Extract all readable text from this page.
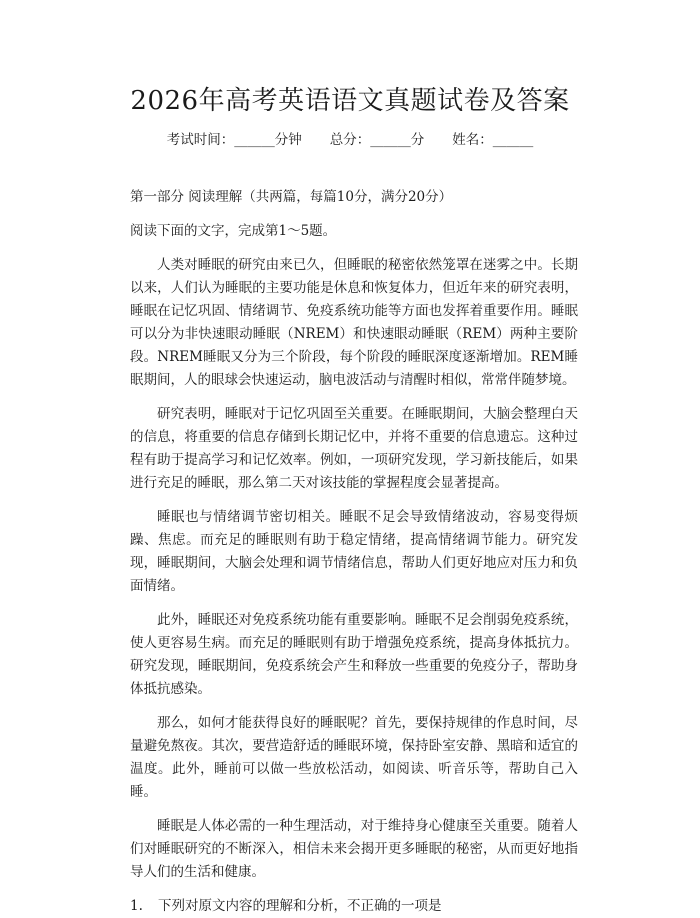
2026年高考英语语文真题试卷及答案
考试时间：______分钟 总分：______分 姓名：______

第一部分 阅读理解（共两篇，每篇10分，满分20分）

阅读下面的文字，完成第1～5题。

人类对睡眠的研究由来已久，但睡眠的秘密依然笼罩在迷雾之中。长期以来，人们认为睡眠的主要功能是休息和恢复体力，但近年来的研究表明，睡眠在记忆巩固、情绪调节、免疫系统功能等方面也发挥着重要作用。睡眠可以分为非快速眼动睡眠（NREM）和快速眼动睡眠（REM）两种主要阶段。NREM睡眠又分为三个阶段，每个阶段的睡眠深度逐渐增加。REM睡眠期间，人的眼球会快速运动，脑电波活动与清醒时相似，常常伴随梦境。

研究表明，睡眠对于记忆巩固至关重要。在睡眠期间，大脑会整理白天的信息，将重要的信息存储到长期记忆中，并将不重要的信息遗忘。这种过程有助于提高学习和记忆效率。例如，一项研究发现，学习新技能后，如果进行充足的睡眠，那么第二天对该技能的掌握程度会显著提高。

睡眠也与情绪调节密切相关。睡眠不足会导致情绪波动，容易变得烦躁、焦虑。而充足的睡眠则有助于稳定情绪，提高情绪调节能力。研究发现，睡眠期间，大脑会处理和调节情绪信息，帮助人们更好地应对压力和负面情绪。

此外，睡眠还对免疫系统功能有重要影响。睡眠不足会削弱免疫系统，使人更容易生病。而充足的睡眠则有助于增强免疫系统，提高身体抵抗力。研究发现，睡眠期间，免疫系统会产生和释放一些重要的免疫分子，帮助身体抵抗感染。

那么，如何才能获得良好的睡眠呢？首先，要保持规律的作息时间，尽量避免熬夜。其次，要营造舒适的睡眠环境，保持卧室安静、黑暗和适宜的温度。此外，睡前可以做一些放松活动，如阅读、听音乐等，帮助自己入睡。

睡眠是人体必需的一种生理活动，对于维持身心健康至关重要。随着人们对睡眠研究的不断深入，相信未来会揭开更多睡眠的秘密，从而更好地指导人们的生活和健康。

1. 下列对原文内容的理解和分析，不正确的一项是
